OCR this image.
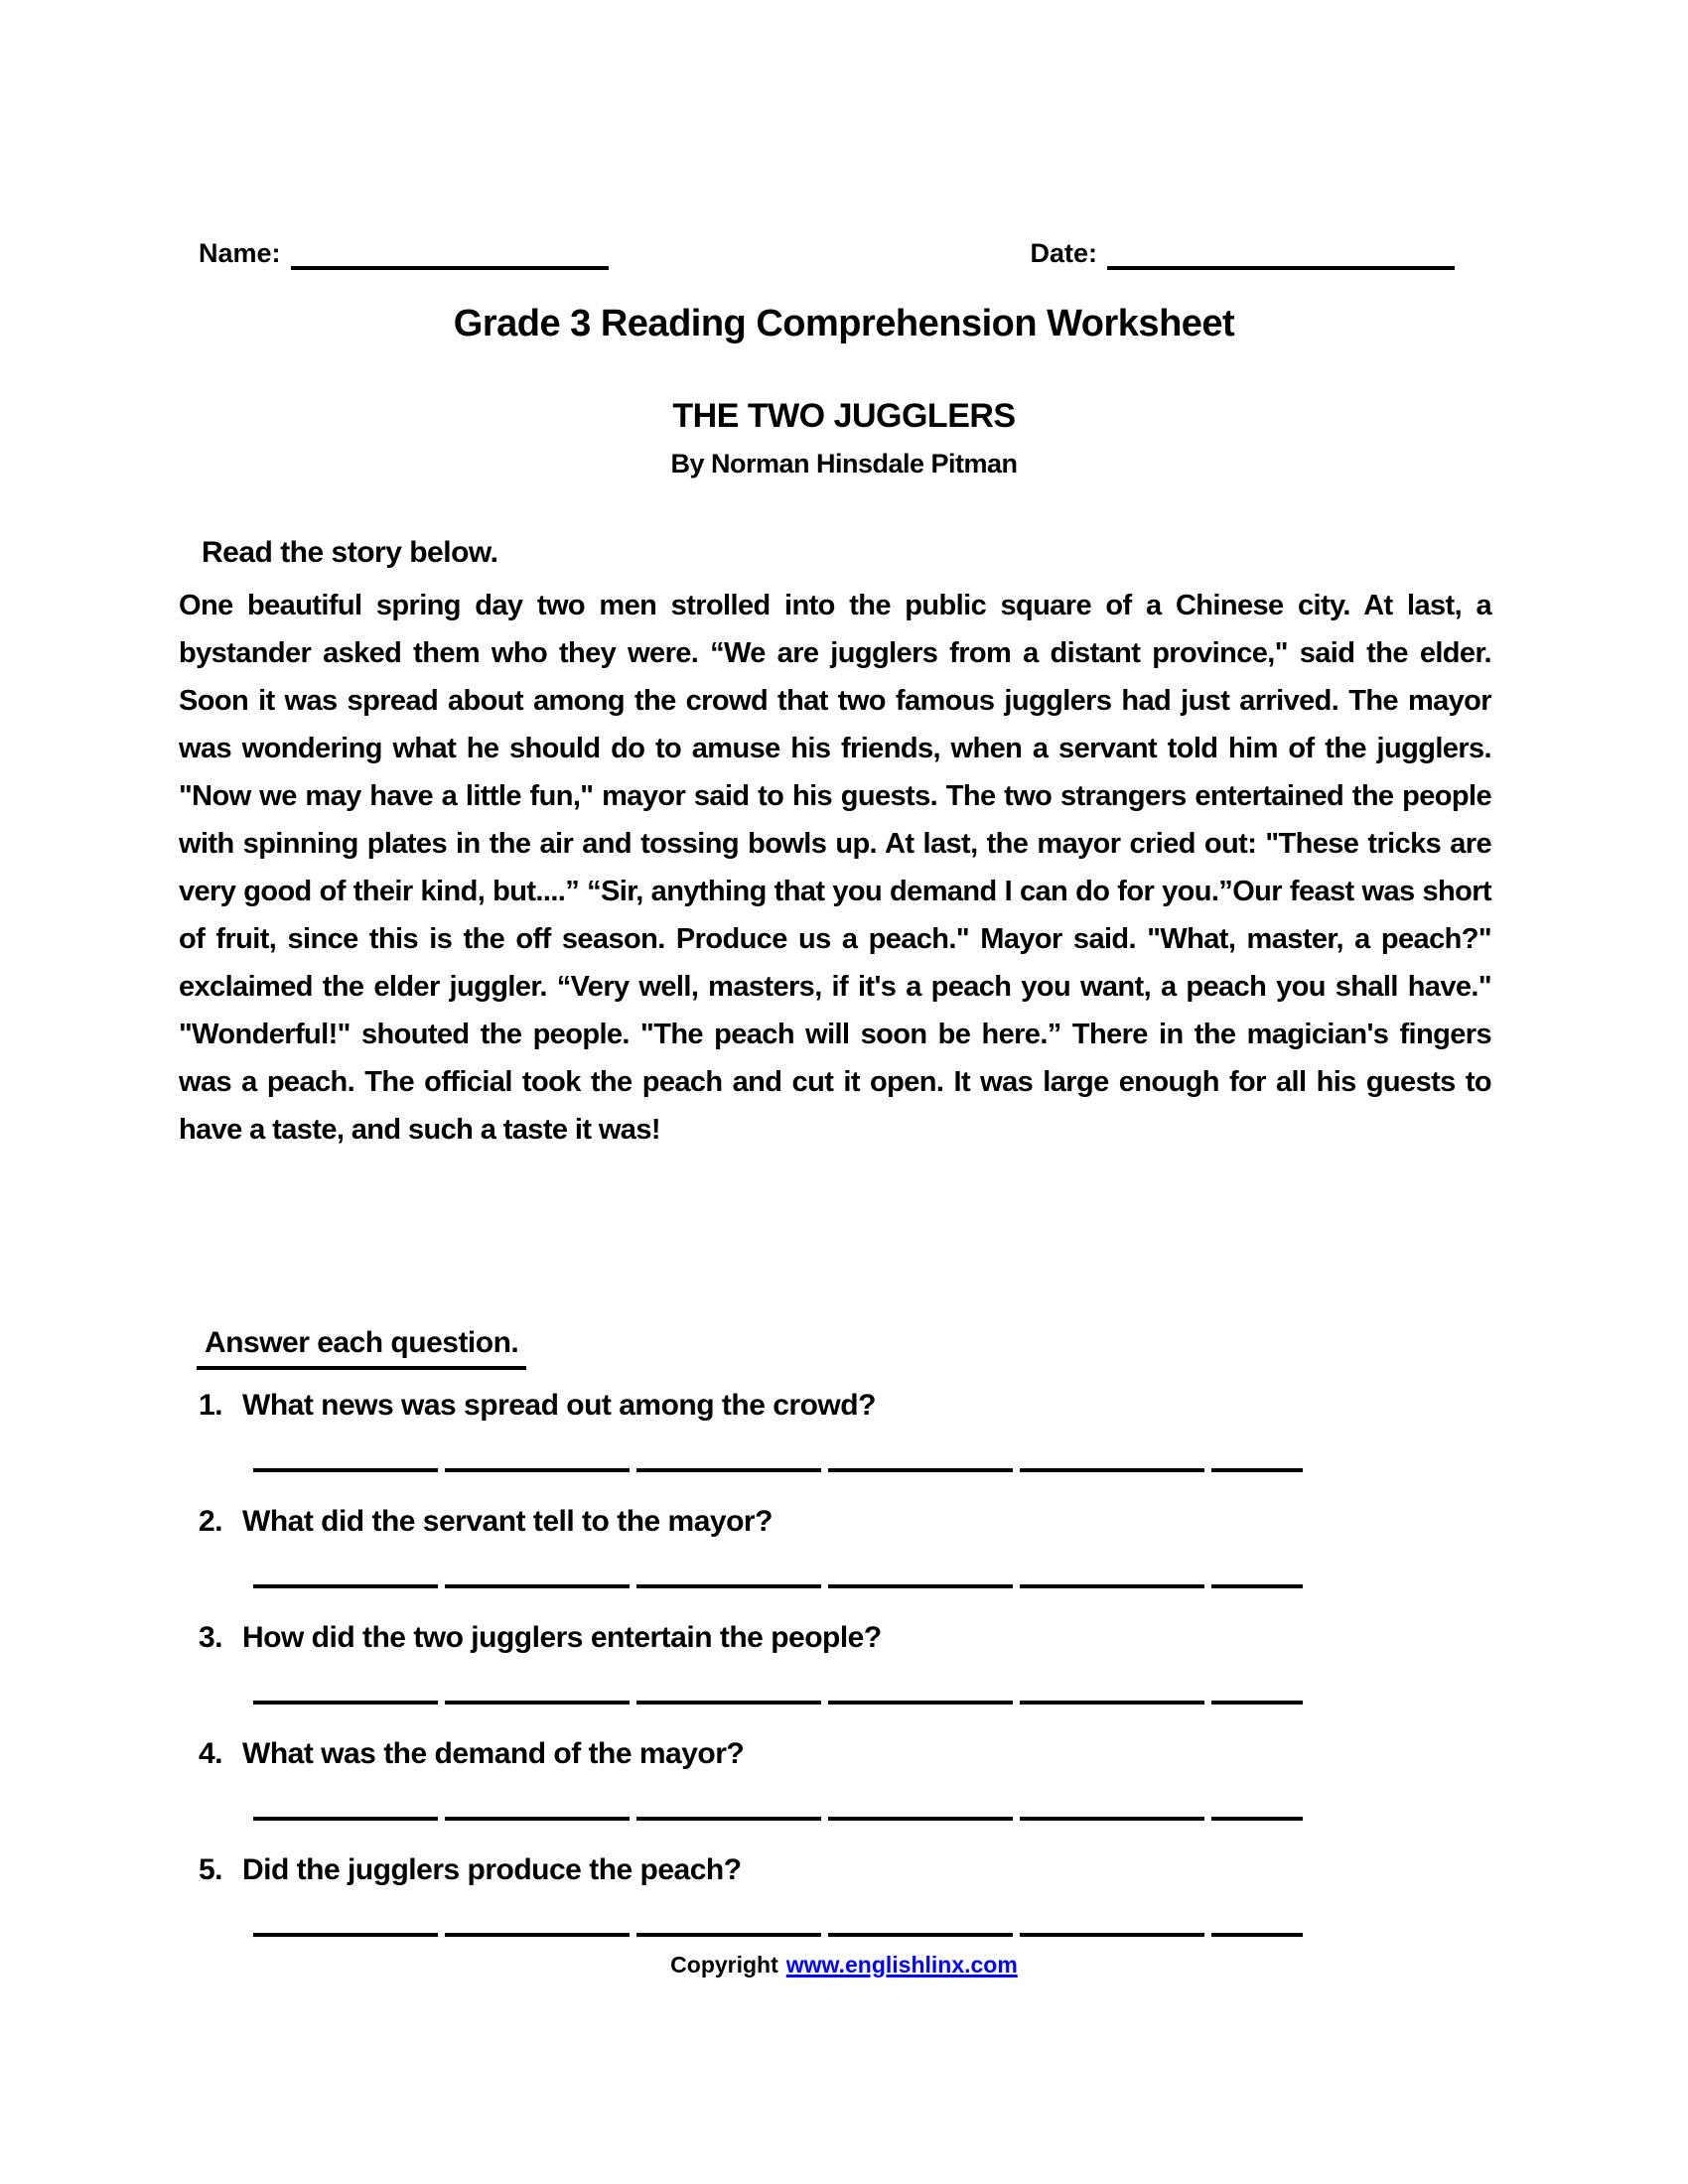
Name:	Date:
Grade 3 Reading Comprehension Worksheet
THE TWO JUGGLERS
By Norman Hinsdale Pitman
Read the story below.

One beautiful spring day two men strolled into the public square of a Chinese city. At last, a bystander asked them who they were. “We are jugglers from a distant province," said the elder. Soon it was spread about among the crowd that two famous jugglers had just arrived. The mayor was wondering what he should do to amuse his friends, when a servant told him of the jugglers. "Now we may have a little fun," mayor said to his guests. The two strangers entertained the people with spinning plates in the air and tossing bowls up. At last, the mayor cried out: "These tricks are very good of their kind, but....” “Sir, anything that you demand I can do for you.”Our feast was short of fruit, since this is the off season. Produce us a peach." Mayor said. "What, master, a peach?" exclaimed the elder juggler. “Very well, masters, if it's a peach you want, a peach you shall have." "Wonderful!" shouted the people. "The peach will soon be here.” There in the magician's fingers was a peach. The official took the peach and cut it open. It was large enough for all his guests to have a taste, and such a taste it was!

Answer each question.
1. What news was spread out among the crowd?
2. What did the servant tell to the mayor?
3. How did the two jugglers entertain the people?
4. What was the demand of the mayor?
5. Did the jugglers produce the peach?
Copyright www.englishlinx.com
